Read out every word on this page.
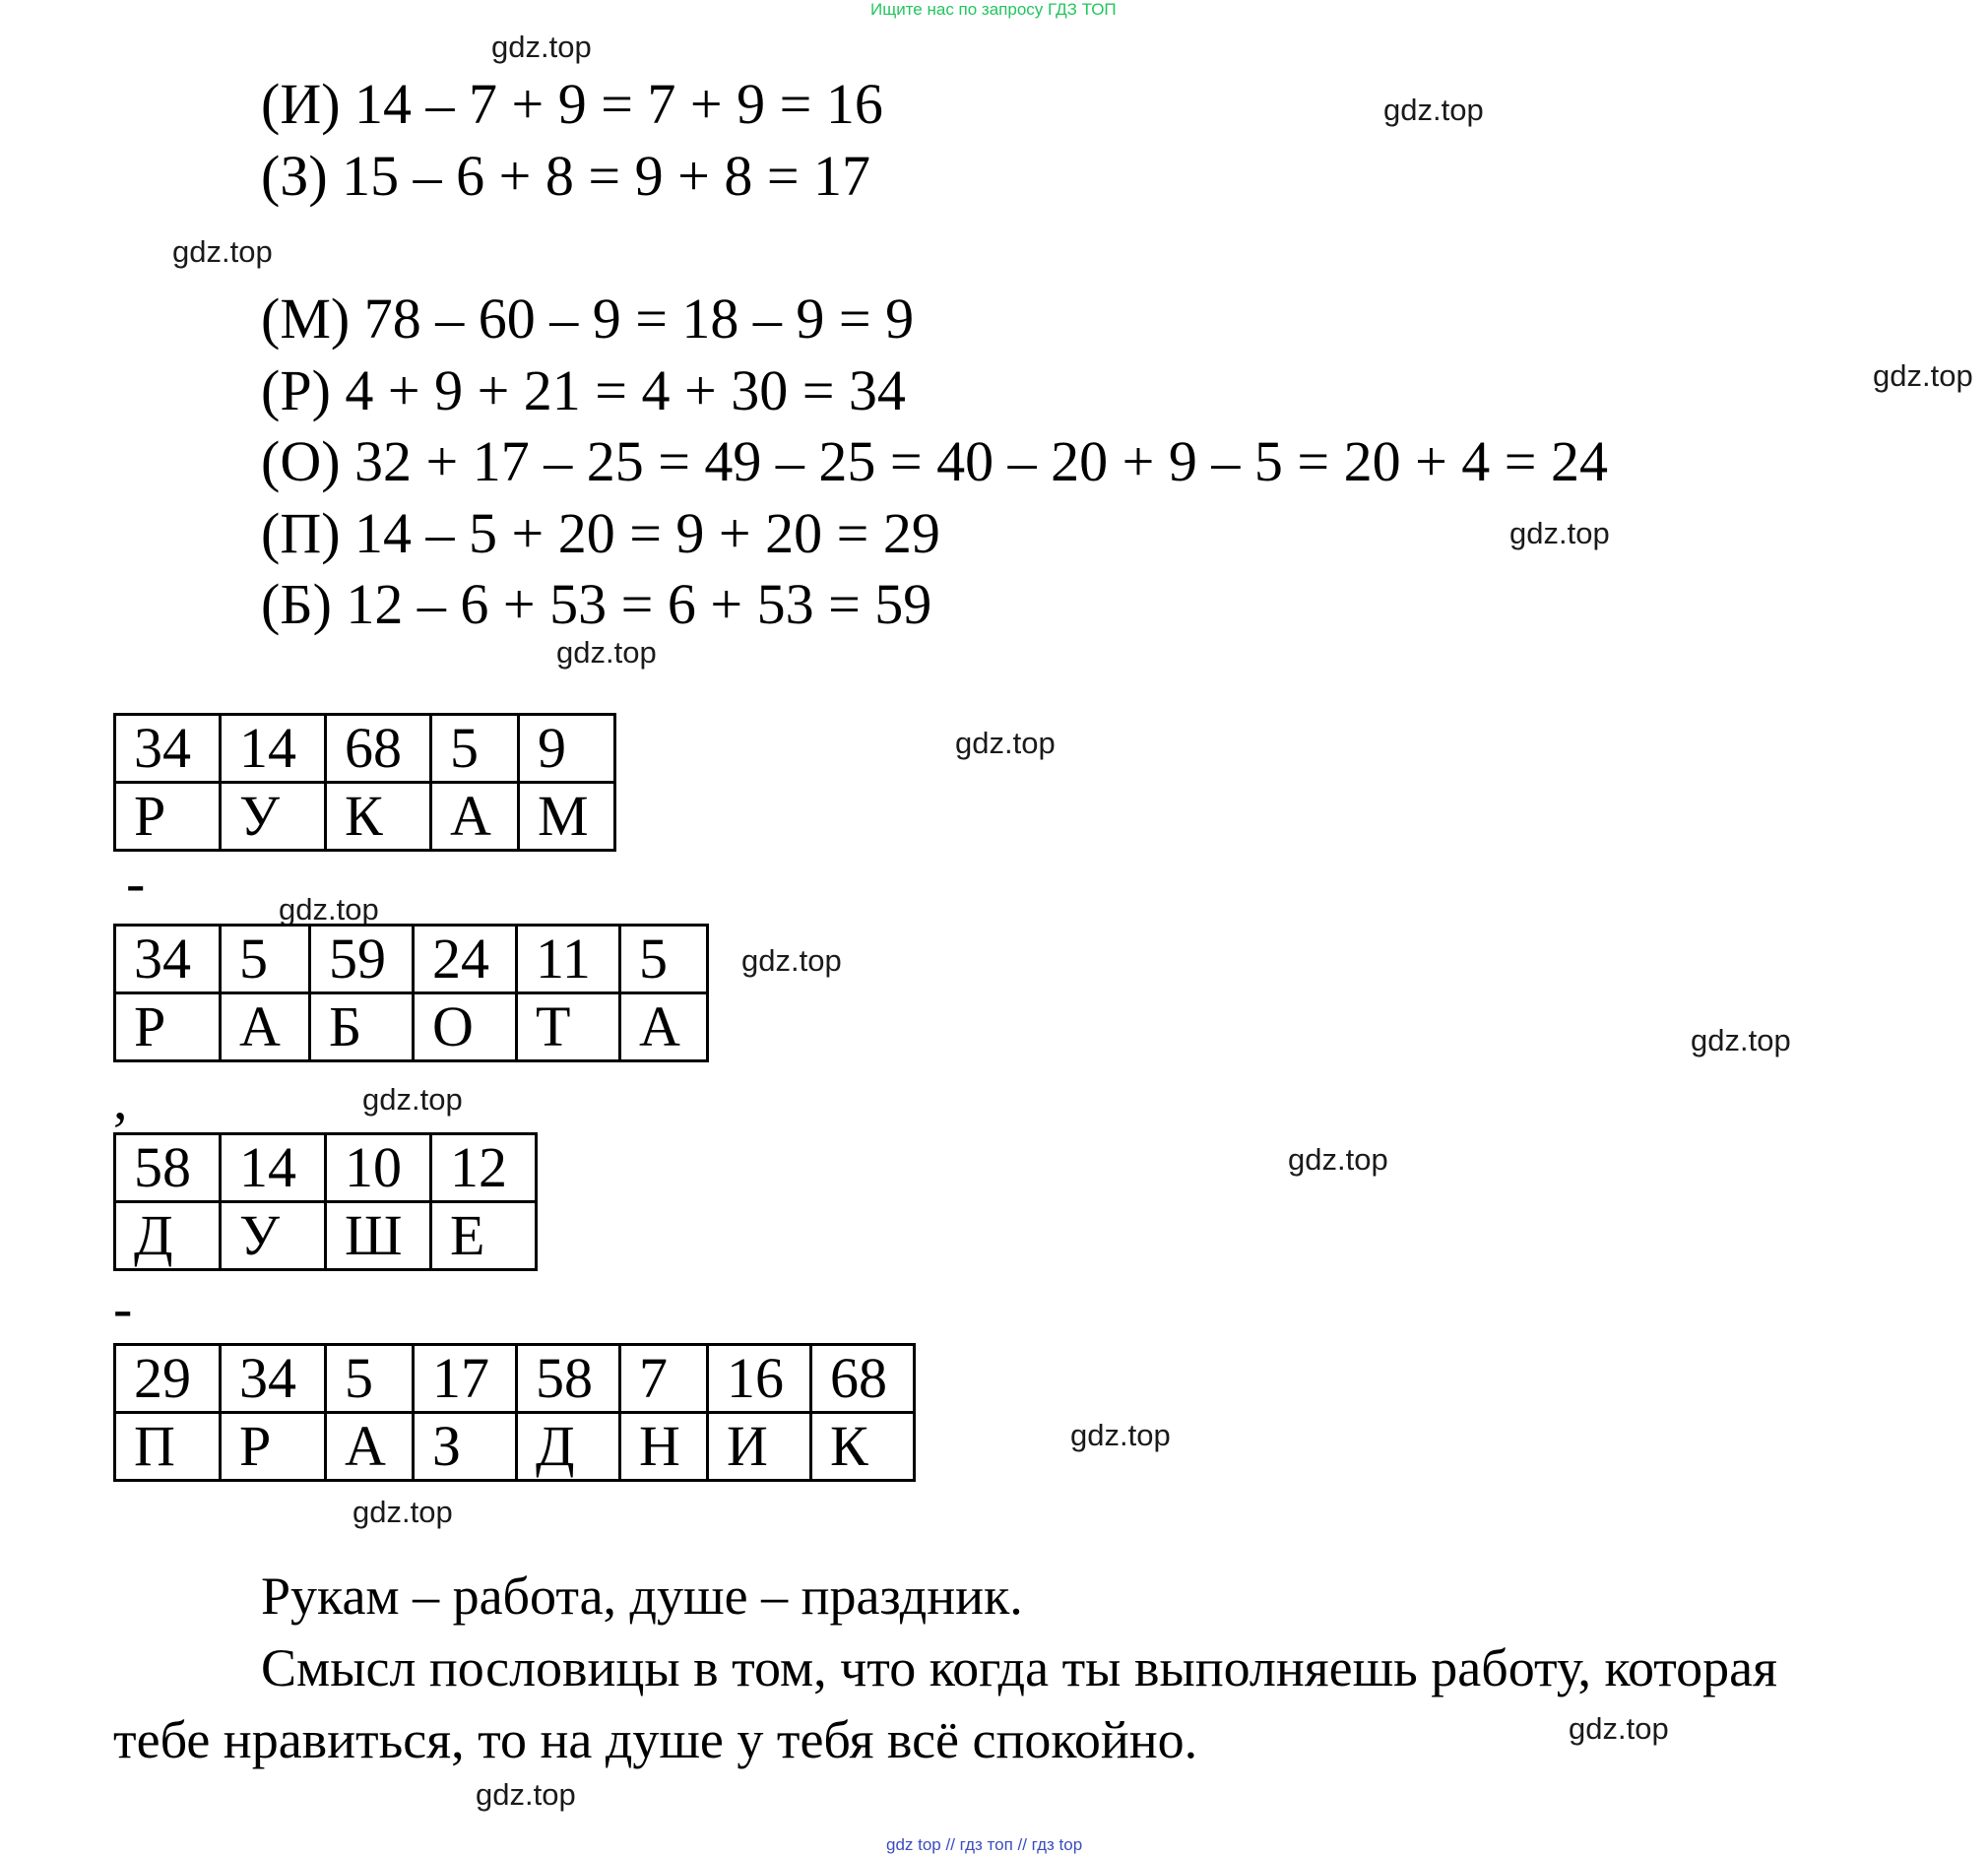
Ищите нас по запросу ГДЗ ТОП
gdz.top
gdz.top
gdz.top
gdz.top
gdz.top
gdz.top
gdz.top
gdz.top
gdz.top
gdz.top
gdz.top
gdz.top
gdz.top
gdz.top
gdz.top
gdz.top
(И) 14 – 7 + 9 = 7 + 9 = 16
(З) 15 – 6 + 8 = 9 + 8 = 17
(М) 78 – 60 – 9 = 18 – 9 = 9
(Р) 4 + 9 + 21 = 4 + 30 = 34
(О) 32 + 17 – 25 = 49 – 25 = 40 – 20 + 9 – 5 = 20 + 4 = 24
(П) 14 – 5 + 20 = 9 + 20 = 29
(Б) 12 – 6 + 53 = 6 + 53 = 59
34	14	68	5	9
Р	У	К	А	М
-
34	5	59	24	11	5
Р	А	Б	О	Т	А
,
58	14	10	12
Д	У	Ш	Е
-
29	34	5	17	58	7	16	68
П	Р	А	З	Д	Н	И	К
Рукам – работа, душе – праздник.
Смысл пословицы в том, что когда ты выполняешь работу, которая
тебе нравиться, то на душе у тебя всё спокойно.
gdz top // гдз топ // гдз top
